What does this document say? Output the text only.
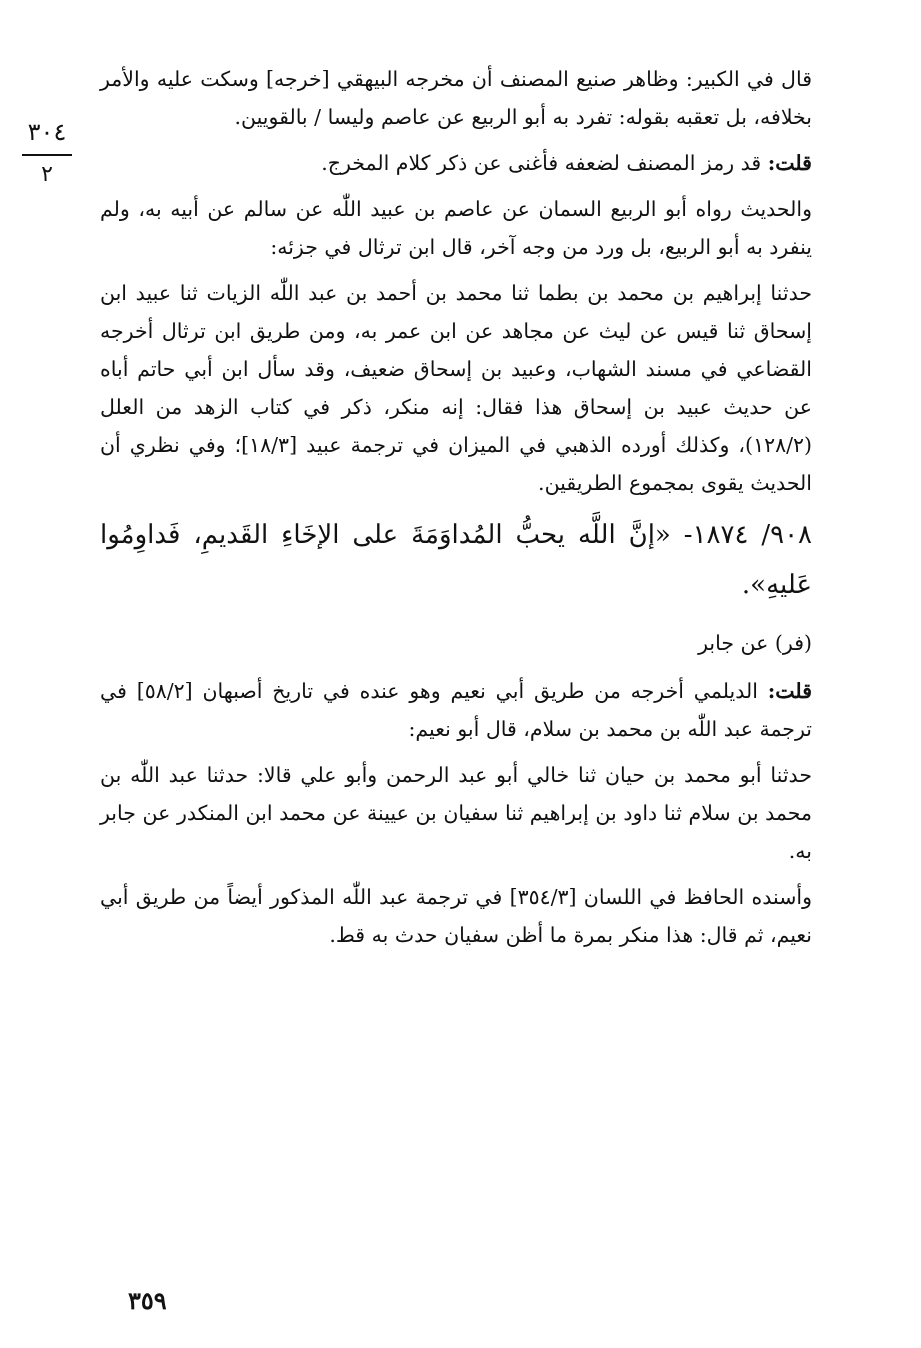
٣٠٤
٢

قال في الكبير: وظاهر صنيع المصنف أن مخرجه البيهقي [خرجه] وسكت عليه والأمر بخلافه، بل تعقبه بقوله: تفرد به أبو الربيع عن عاصم وليسا / بالقويين.

قلت: قد رمز المصنف لضعفه فأغنى عن ذكر كلام المخرج.

والحديث رواه أبو الربيع السمان عن عاصم بن عبيد اللّٰه عن سالم عن أبيه به، ولم ينفرد به أبو الربيع، بل ورد من وجه آخر، قال ابن ترثال في جزئه:

حدثنا إبراهيم بن محمد بن بطما ثنا محمد بن أحمد بن عبد اللّٰه الزيات ثنا عبيد ابن إسحاق ثنا قيس عن ليث عن مجاهد عن ابن عمر به، ومن طريق ابن ترثال أخرجه القضاعي في مسند الشهاب، وعبيد بن إسحاق ضعيف، وقد سأل ابن أبي حاتم أباه عن حديث عبيد بن إسحاق هذا فقال: إنه منكر، ذكر في كتاب الزهد من العلل (١٢٨/٢)، وكذلك أورده الذهبي في الميزان في ترجمة عبيد [١٨/٣]؛ وفي نظري أن الحديث يقوى بمجموع الطريقين.

٩٠٨/ ١٨٧٤- «إنَّ اللَّه يحبُّ المُداوَمَةَ على الإخَاءِ القَديمِ، فَداوِمُوا عَليهِ».

(فر) عن جابر

قلت: الديلمي أخرجه من طريق أبي نعيم وهو عنده في تاريخ أصبهان [٥٨/٢] في ترجمة عبد اللّٰه بن محمد بن سلام، قال أبو نعيم:

حدثنا أبو محمد بن حيان ثنا خالي أبو عبد الرحمن وأبو علي قالا: حدثنا عبد اللّٰه بن محمد بن سلام ثنا داود بن إبراهيم ثنا سفيان بن عيينة عن محمد ابن المنكدر عن جابر به.

وأسنده الحافظ في اللسان [٣٥٤/٣] في ترجمة عبد اللّٰه المذكور أيضاً من طريق أبي نعيم، ثم قال: هذا منكر بمرة ما أظن سفيان حدث به قط.

٣٥٩
